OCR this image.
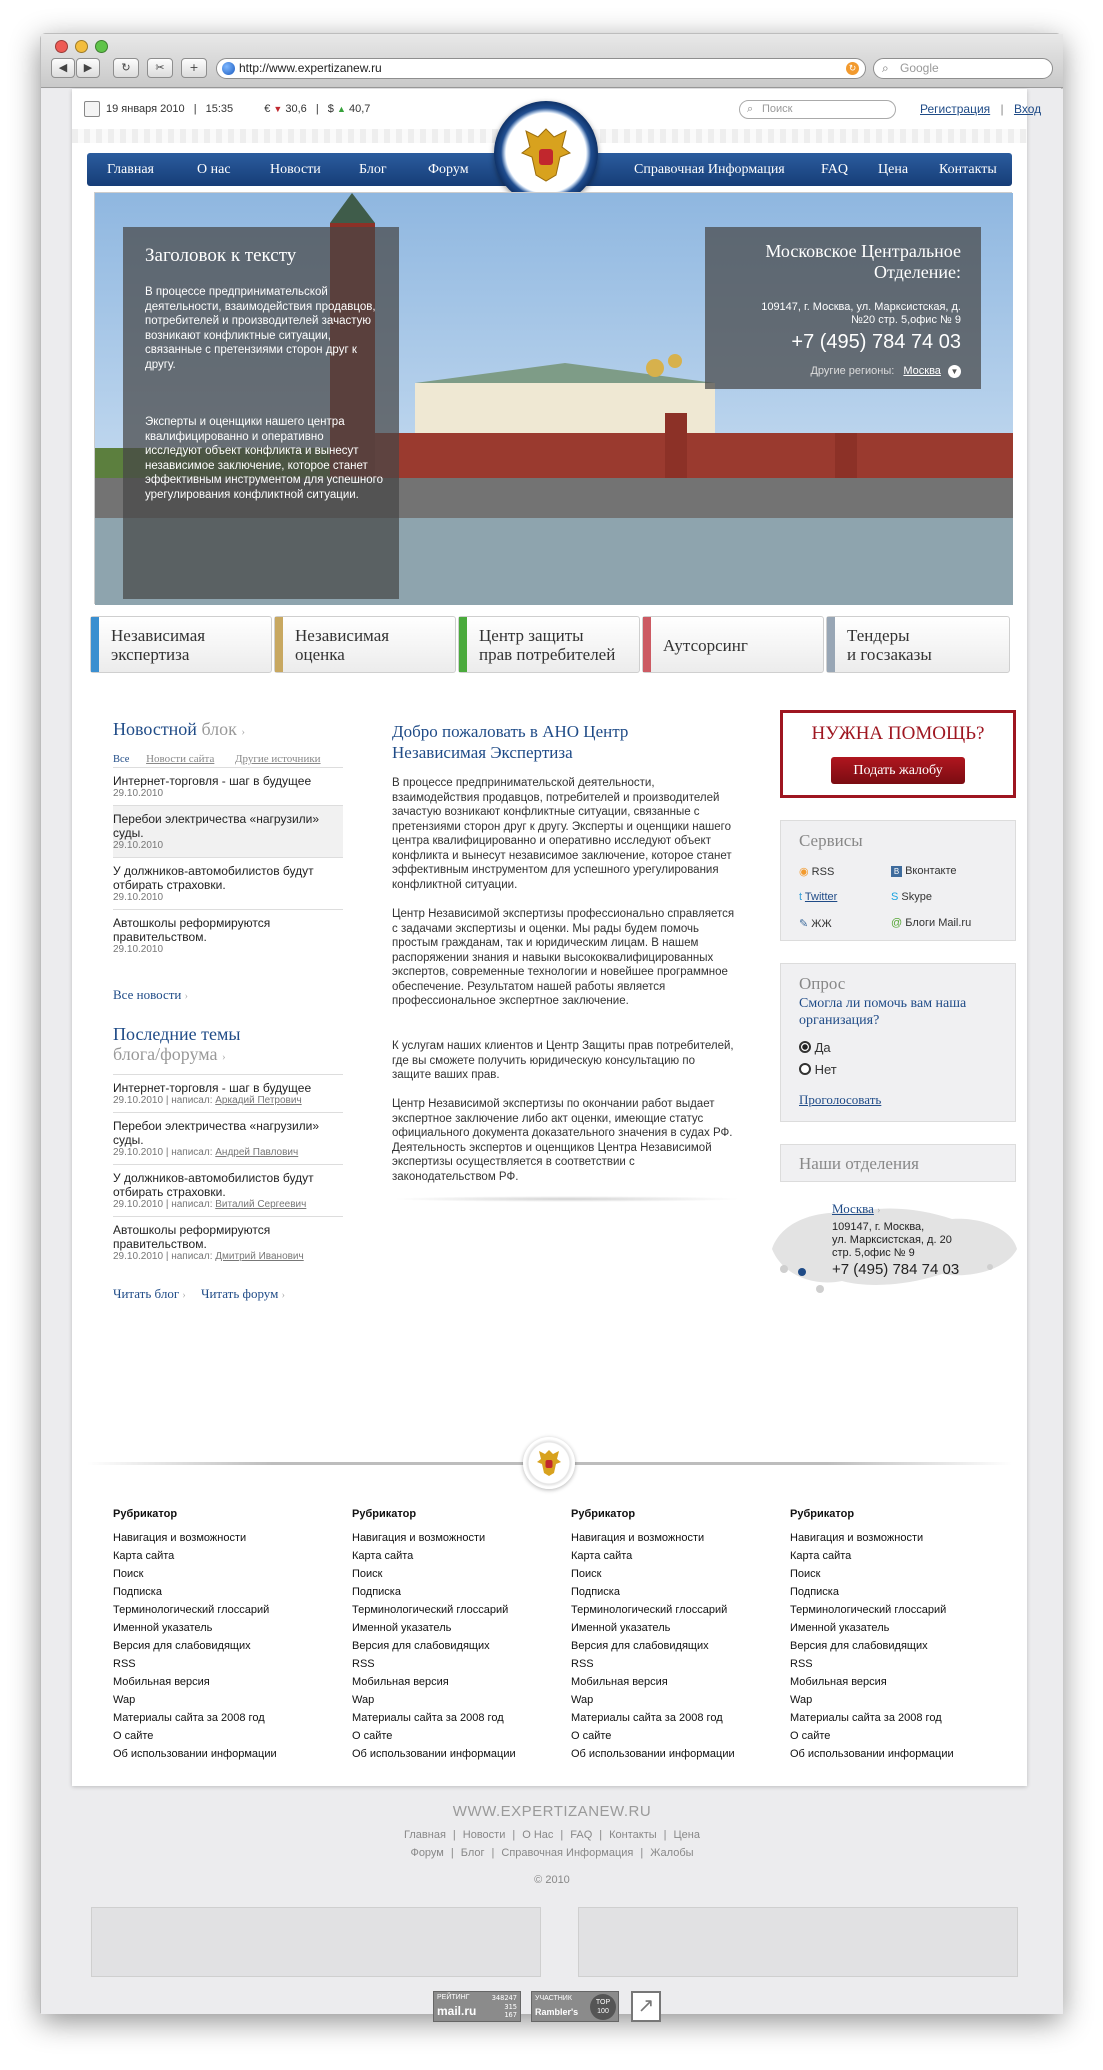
◀	▶	↻	✂	+	http://www.expertizanew.ru	↻ ⌕ Google
19 января 2010 | 15:35	€ ▼ 30,6 | $ ▲ 40,7	⌕ Поиск	Регистрация | Вход
Главная	О нас	Новости	Блог	Форум	Справочная Информация	FAQ Цена Контакты
Заголовок к тексту
В процессе предпринимательской деятельности, взаимодействия продавцов, потребителей и производителей зачастую возникают конфликтные ситуации, связанные с претензиями сторон друг к другу.
Эксперты и оценщики нашего центра квалифицированно и оперативно исследуют объект конфликта и вынесут независимое заключение, которое станет эффективным инструментом для успешного урегулирования конфликтной ситуации.
Московское Центральное Отделение:
109147, г. Москва, ул. Марксистская, д.№20 стр. 5,офис № 9
+7 (495) 784 74 03
Другие регионы: Москва ▼
Независимая
экспертиза
Независимая
оценка
Центр защиты
прав потребителей	Аутсорсинг
Тендеры
и госзаказы
Новостной блок ›
Все Новости сайта Другие источники
Интернет-торговля - шаг в будущее
29.10.2010
Перебои электричества «нагрузили» суды.
29.10.2010
У должников-автомобилистов будут отбирать страховки.
29.10.2010
Автошколы реформируются правительством.
29.10.2010
Все новости ›
Последние темы
блога/форума ›
Интернет-торговля - шаг в будущее
29.10.2010 | написал: Аркадий Петрович
Перебои электричества «нагрузили» суды.
29.10.2010 | написал: Андрей Павлович
У должников-автомобилистов будут отбирать страховки.
29.10.2010 | написал: Виталий Сергеевич
Автошколы реформируются правительством.
29.10.2010 | написал: Дмитрий Иванович
Читать блог › Читать форум ›
Добро пожаловать в АНО Центр Независимая Экспертиза
В процессе предпринимательской деятельности, взаимодействия продавцов, потребителей и производителей зачастую возникают конфликтные ситуации, связанные с претензиями сторон друг к другу. Эксперты и оценщики нашего центра квалифицированно и оперативно исследуют объект конфликта и вынесут независимое заключение, которое станет эффективным инструментом для успешного урегулирования конфликтной ситуации.
Центр Независимой экспертизы профессионально справляется с задачами экспертизы и оценки. Мы рады будем помочь простым гражданам, так и юридическим лицам. В нашем распоряжении знания и навыки высококвалифицированных экспертов, современные технологии и новейшее программное обеспечение. Результатом нашей работы является профессиональное экспертное заключение.
К услугам наших клиентов и Центр Защиты прав потребителей, где вы сможете получить юридическую консультацию по защите ваших прав.
Центр Независимой экспертизы по окончании работ выдает экспертное заключение либо акт оценки, имеющие статус официального документа доказательного значения в судах РФ. Деятельность экспертов и оценщиков Центра Независимой экспертизы осуществляется в соответствии с законодательством РФ.
НУЖНА ПОМОЩЬ?
Подать жалобу
Сервисы
◉ RSS	В Вконтакте
t Twitter	S Skype
✎ ЖЖ	@ Блоги Mail.ru
Опрос
Смогла ли помочь вам наша организация?
Да
Нет
Проголосовать
Наши отделения
Москва ›
109147, г. Москва,
ул. Марксистская, д. 20
стр. 5,офис № 9
+7 (495) 784 74 03
Рубрикатор
Навигация и возможности
Карта сайта
Поиск
Подписка
Терминологический глоссарий
Именной указатель
Версия для слабовидящих
RSS
Мобильная версия
Wap
Материалы сайта за 2008 год
О сайте
Об использовании информации
Рубрикатор
Навигация и возможности
Карта сайта
Поиск
Подписка
Терминологический глоссарий
Именной указатель
Версия для слабовидящих
RSS
Мобильная версия
Wap
Материалы сайта за 2008 год
О сайте
Об использовании информации
Рубрикатор
Навигация и возможности
Карта сайта
Поиск
Подписка
Терминологический глоссарий
Именной указатель
Версия для слабовидящих
RSS
Мобильная версия
Wap
Материалы сайта за 2008 год
О сайте
Об использовании информации
Рубрикатор
Навигация и возможности
Карта сайта
Поиск
Подписка
Терминологический глоссарий
Именной указатель
Версия для слабовидящих
RSS
Мобильная версия
Wap
Материалы сайта за 2008 год
О сайте
Об использовании информации
WWW.EXPERTIZANEW.RU
Главная | Новости | О Нас | FAQ | Контакты | Цена
Форум | Блог | Справочная Информация | Жалобы
© 2010
РЕЙТИНГ
mail.ru
348247
315
167
УЧАСТНИК
Rambler's
TOP 100	↗
